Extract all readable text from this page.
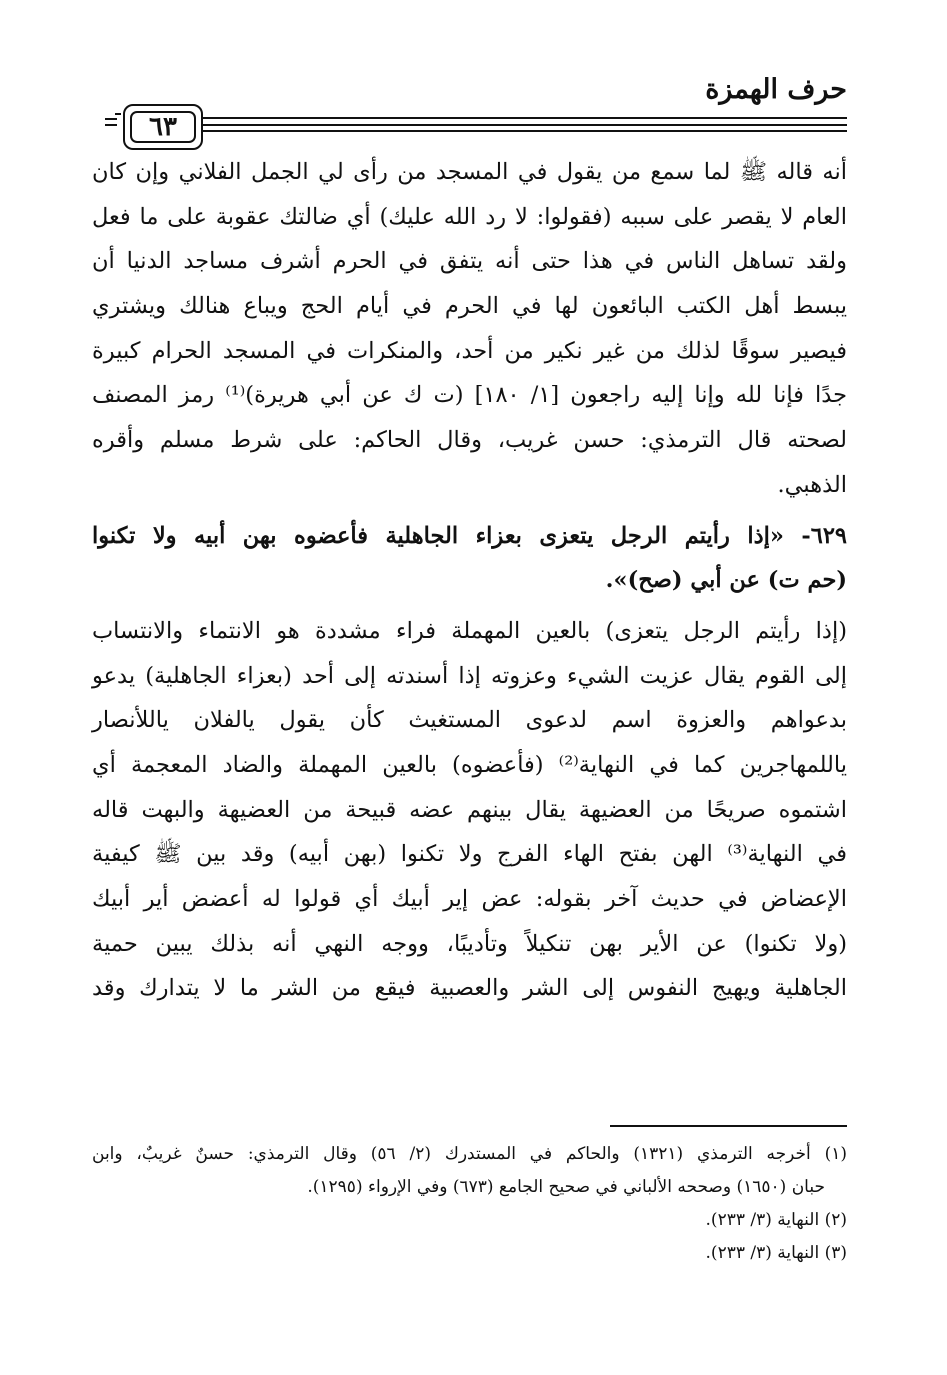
حرف الهمزة
٦٣
أنه قاله ﷺ لما سمع من يقول في المسجد من رأى لي الجمل الفلاني وإن كان
العام لا يقصر على سببه (فقولوا: لا رد الله عليك) أي ضالتك عقوبة على ما فعل
ولقد تساهل الناس في هذا حتى أنه يتفق في الحرم أشرف مساجد الدنيا أن
يبسط أهل الكتب البائعون لها في الحرم في أيام الحج ويباع هنالك ويشتري
فيصير سوقًا لذلك من غير نكير من أحد، والمنكرات في المسجد الحرام كبيرة
جدًا فإنا لله وإنا إليه راجعون [١/ ١٨٠] (ت ك عن أبي هريرة)⁽¹⁾ رمز المصنف
لصحته قال الترمذي: حسن غريب، وقال الحاكم: على شرط مسلم وأقره
الذهبي.
٦٢٩- «إذا رأيتم الرجل يتعزى بعزاء الجاهلية فأعضوه بهن أبيه ولا تكنوا
(حم ت) عن أبي (صح)».
(إذا رأيتم الرجل يتعزى) بالعين المهملة فراء مشددة هو الانتماء والانتساب
إلى القوم يقال عزيت الشيء وعزوته إذا أسندته إلى أحد (بعزاء الجاهلية) يدعو
بدعواهم والعزوة اسم لدعوى المستغيث كأن يقول يالفلان ياللأنصار
ياللمهاجرين كما في النهاية⁽²⁾ (فأعضوه) بالعين المهملة والضاد المعجمة أي
اشتموه صريحًا من العضيهة يقال بينهم عضه قبيحة من العضيهة والبهت قاله
في النهاية⁽³⁾ الهن بفتح الهاء الفرج ولا تكنوا (بهن أبيه) وقد بين ﷺ كيفية
الإعضاض في حديث آخر بقوله: عض إير أبيك أي قولوا له أعضض أير أبيك
(ولا تكنوا) عن الأير بهن تنكيلاً وتأديبًا، ووجه النهي أنه بذلك يبين حمية
الجاهلية ويهيج النفوس إلى الشر والعصبية فيقع من الشر ما لا يتدارك وقد
(١) أخرجه الترمذي (١٣٢١) والحاكم في المستدرك (٢/ ٥٦) وقال الترمذي: حسنٌ غريبٌ، وابن
حبان (١٦٥٠) وصححه الألباني في صحيح الجامع (٦٧٣) وفي الإرواء (١٢٩٥).
(٢) النهاية (٣/ ٢٣٣).
(٣) النهاية (٣/ ٢٣٣).
